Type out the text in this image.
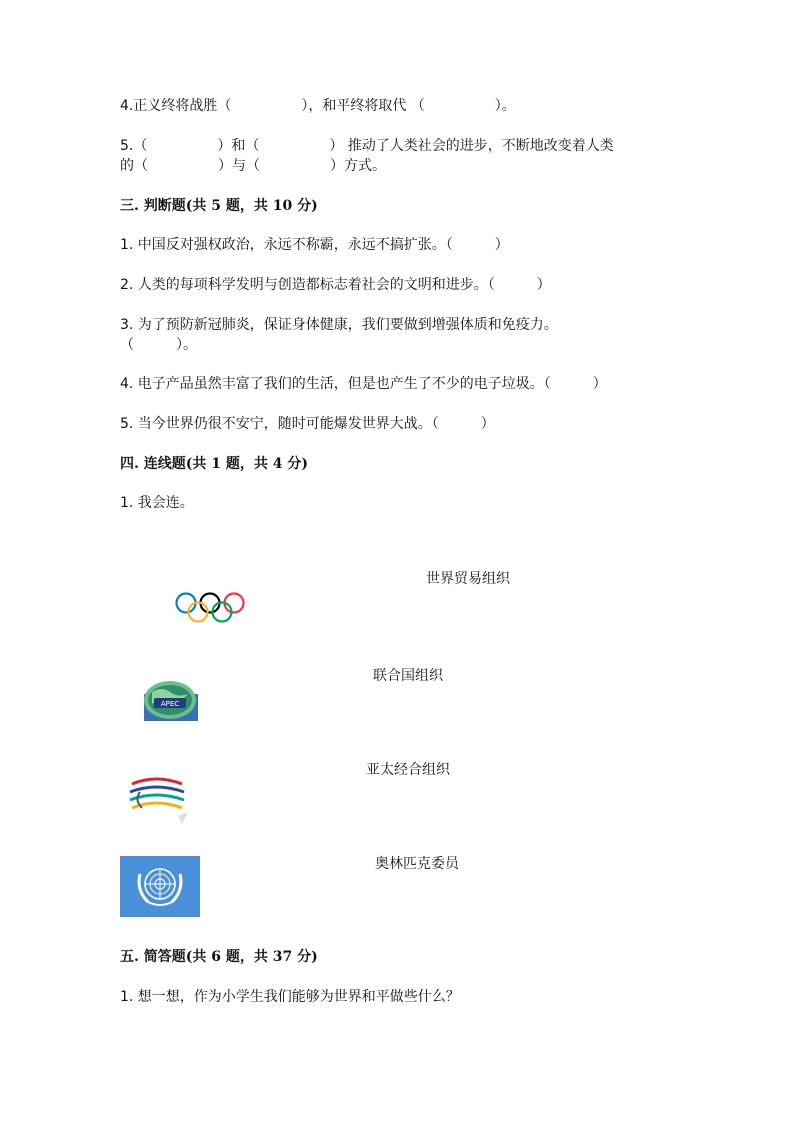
4.正义终将战胜（　　　　　），和平终将取代 （　　　　　）。
5.（　　　　　）和（　　　　　） 推动了人类社会的进步，不断地改变着人类
的（　　　　　）与（　　　　　）方式。
三. 判断题(共 5 题，共 10 分)
1. 中国反对强权政治，永远不称霸，永远不搞扩张。（　　　）
2. 人类的每项科学发明与创造都标志着社会的文明和进步。（　　　）
3. 为了预防新冠肺炎，保证身体健康，我们要做到增强体质和免疫力。
（　　　）。
4. 电子产品虽然丰富了我们的生活，但是也产生了不少的电子垃圾。（　　　）
5. 当今世界仍很不安宁，随时可能爆发世界大战。（　　　）
四. 连线题(共 1 题，共 4 分)
1. 我会连。
APEC
世界贸易组织
联合国组织
亚太经合组织
奥林匹克委员
五. 简答题(共 6 题，共 37 分)
1. 想一想，作为小学生我们能够为世界和平做些什么？
